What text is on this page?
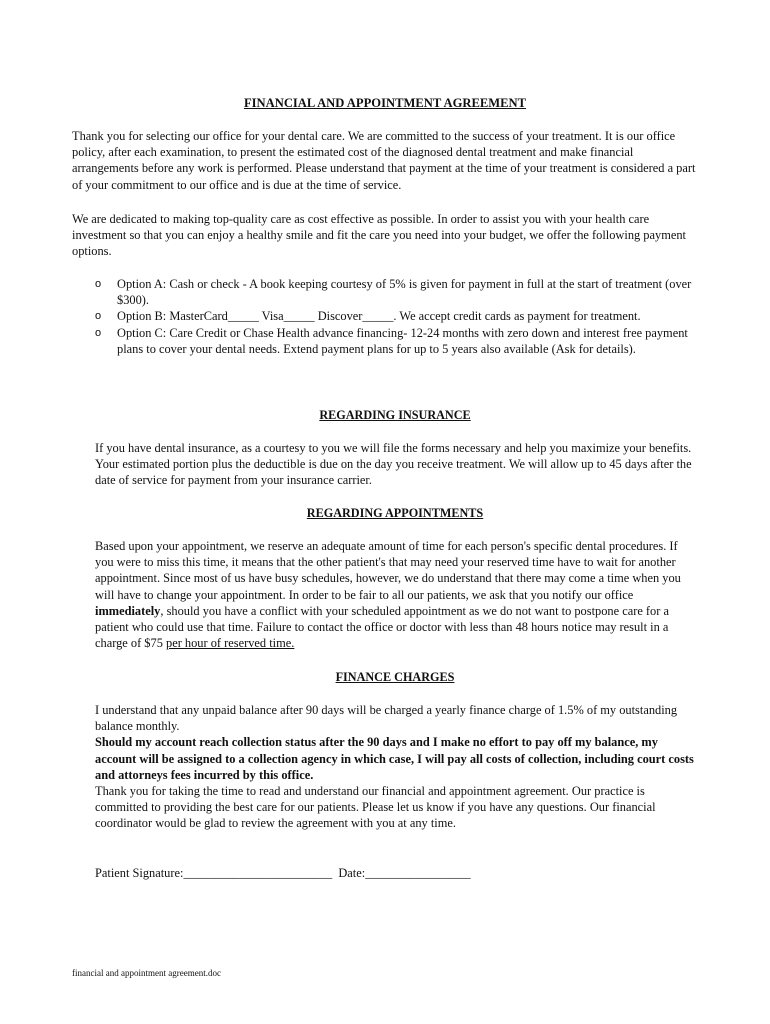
FINANCIAL AND APPOINTMENT AGREEMENT

Thank you for selecting our office for your dental care. We are committed to the success of your treatment. It is our office policy, after each examination, to present the estimated cost of the diagnosed dental treatment and make financial arrangements before any work is performed. Please understand that payment at the time of your treatment is considered a part of your commitment to our office and is due at the time of service.

We are dedicated to making top-quality care as cost effective as possible. In order to assist you with your health care investment so that you can enjoy a healthy smile and fit the care you need into your budget, we offer the following payment options.

o Option A: Cash or check - A book keeping courtesy of 5% is given for payment in full at the start of treatment (over $300).
o Option B: MasterCard_____ Visa_____ Discover_____. We accept credit cards as payment for treatment.
o Option C: Care Credit or Chase Health advance financing- 12-24 months with zero down and interest free payment plans to cover your dental needs. Extend payment plans for up to 5 years also available (Ask for details).
REGARDING INSURANCE

If you have dental insurance, as a courtesy to you we will file the forms necessary and help you maximize your benefits. Your estimated portion plus the deductible is due on the day you receive treatment. We will allow up to 45 days after the date of service for payment from your insurance carrier.

REGARDING APPOINTMENTS

Based upon your appointment, we reserve an adequate amount of time for each person's specific dental procedures. If you were to miss this time, it means that the other patient's that may need your reserved time have to wait for another appointment. Since most of us have busy schedules, however, we do understand that there may come a time when you will have to change your appointment. In order to be fair to all our patients, we ask that you notify our office immediately, should you have a conflict with your scheduled appointment as we do not want to postpone care for a patient who could use that time. Failure to contact the office or doctor with less than 48 hours notice may result in a charge of $75 per hour of reserved time.

FINANCE CHARGES
I understand that any unpaid balance after 90 days will be charged a yearly finance charge of 1.5% of my outstanding balance monthly.
Should my account reach collection status after the 90 days and I make no effort to pay off my balance, my account will be assigned to a collection agency in which case, I will pay all costs of collection, including court costs and attorneys fees incurred by this office.
Thank you for taking the time to read and understand our financial and appointment agreement. Our practice is committed to providing the best care for our patients. Please let us know if you have any questions. Our financial coordinator would be glad to review the agreement with you at any time.
Patient Signature:________________________ Date:_________________
financial and appointment agreement.doc
